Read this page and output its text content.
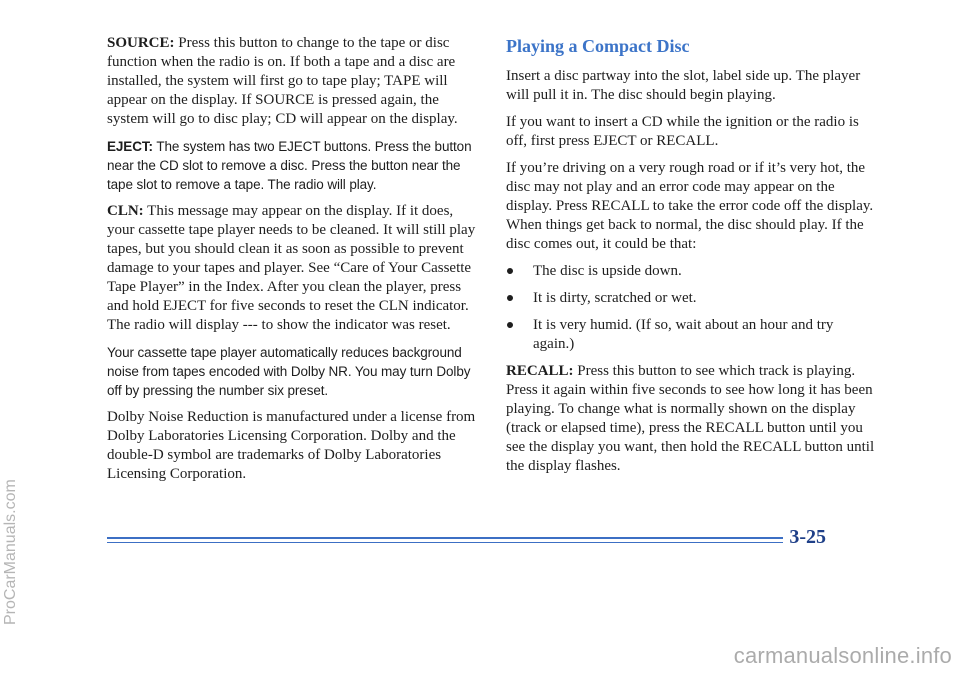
SOURCE: Press this button to change to the tape or disc function when the radio is on. If both a tape and a disc are installed, the system will first go to tape play; TAPE will appear on the display. If SOURCE is pressed again, the system will go to disc play; CD will appear on the display.

EJECT: The system has two EJECT buttons. Press the button near the CD slot to remove a disc. Press the button near the tape slot to remove a tape. The radio will play.

CLN: This message may appear on the display. If it does, your cassette tape player needs to be cleaned. It will still play tapes, but you should clean it as soon as possible to prevent damage to your tapes and player. See “Care of Your Cassette Tape Player” in the Index. After you clean the player, press and hold EJECT for five seconds to reset the CLN indicator. The radio will display --- to show the indicator was reset.

Your cassette tape player automatically reduces background noise from tapes encoded with Dolby NR. You may turn Dolby off by pressing the number six preset.

Dolby Noise Reduction is manufactured under a license from Dolby Laboratories Licensing Corporation. Dolby and the double-D symbol are trademarks of Dolby Laboratories Licensing Corporation.

Playing a Compact Disc

Insert a disc partway into the slot, label side up. The player will pull it in. The disc should begin playing.

If you want to insert a CD while the ignition or the radio is off, first press EJECT or RECALL.

If you’re driving on a very rough road or if it’s very hot, the disc may not play and an error code may appear on the display. Press RECALL to take the error code off the display. When things get back to normal, the disc should play. If the disc comes out, it could be that:

The disc is upside down.
It is dirty, scratched or wet.
It is very humid. (If so, wait about an hour and try again.)

RECALL: Press this button to see which track is playing. Press it again within five seconds to see how long it has been playing. To change what is normally shown on the display (track or elapsed time), press the RECALL button until you see the display you want, then hold the RECALL button until the display flashes.

3-25
ProCarManuals.com
carmanualsonline.info
